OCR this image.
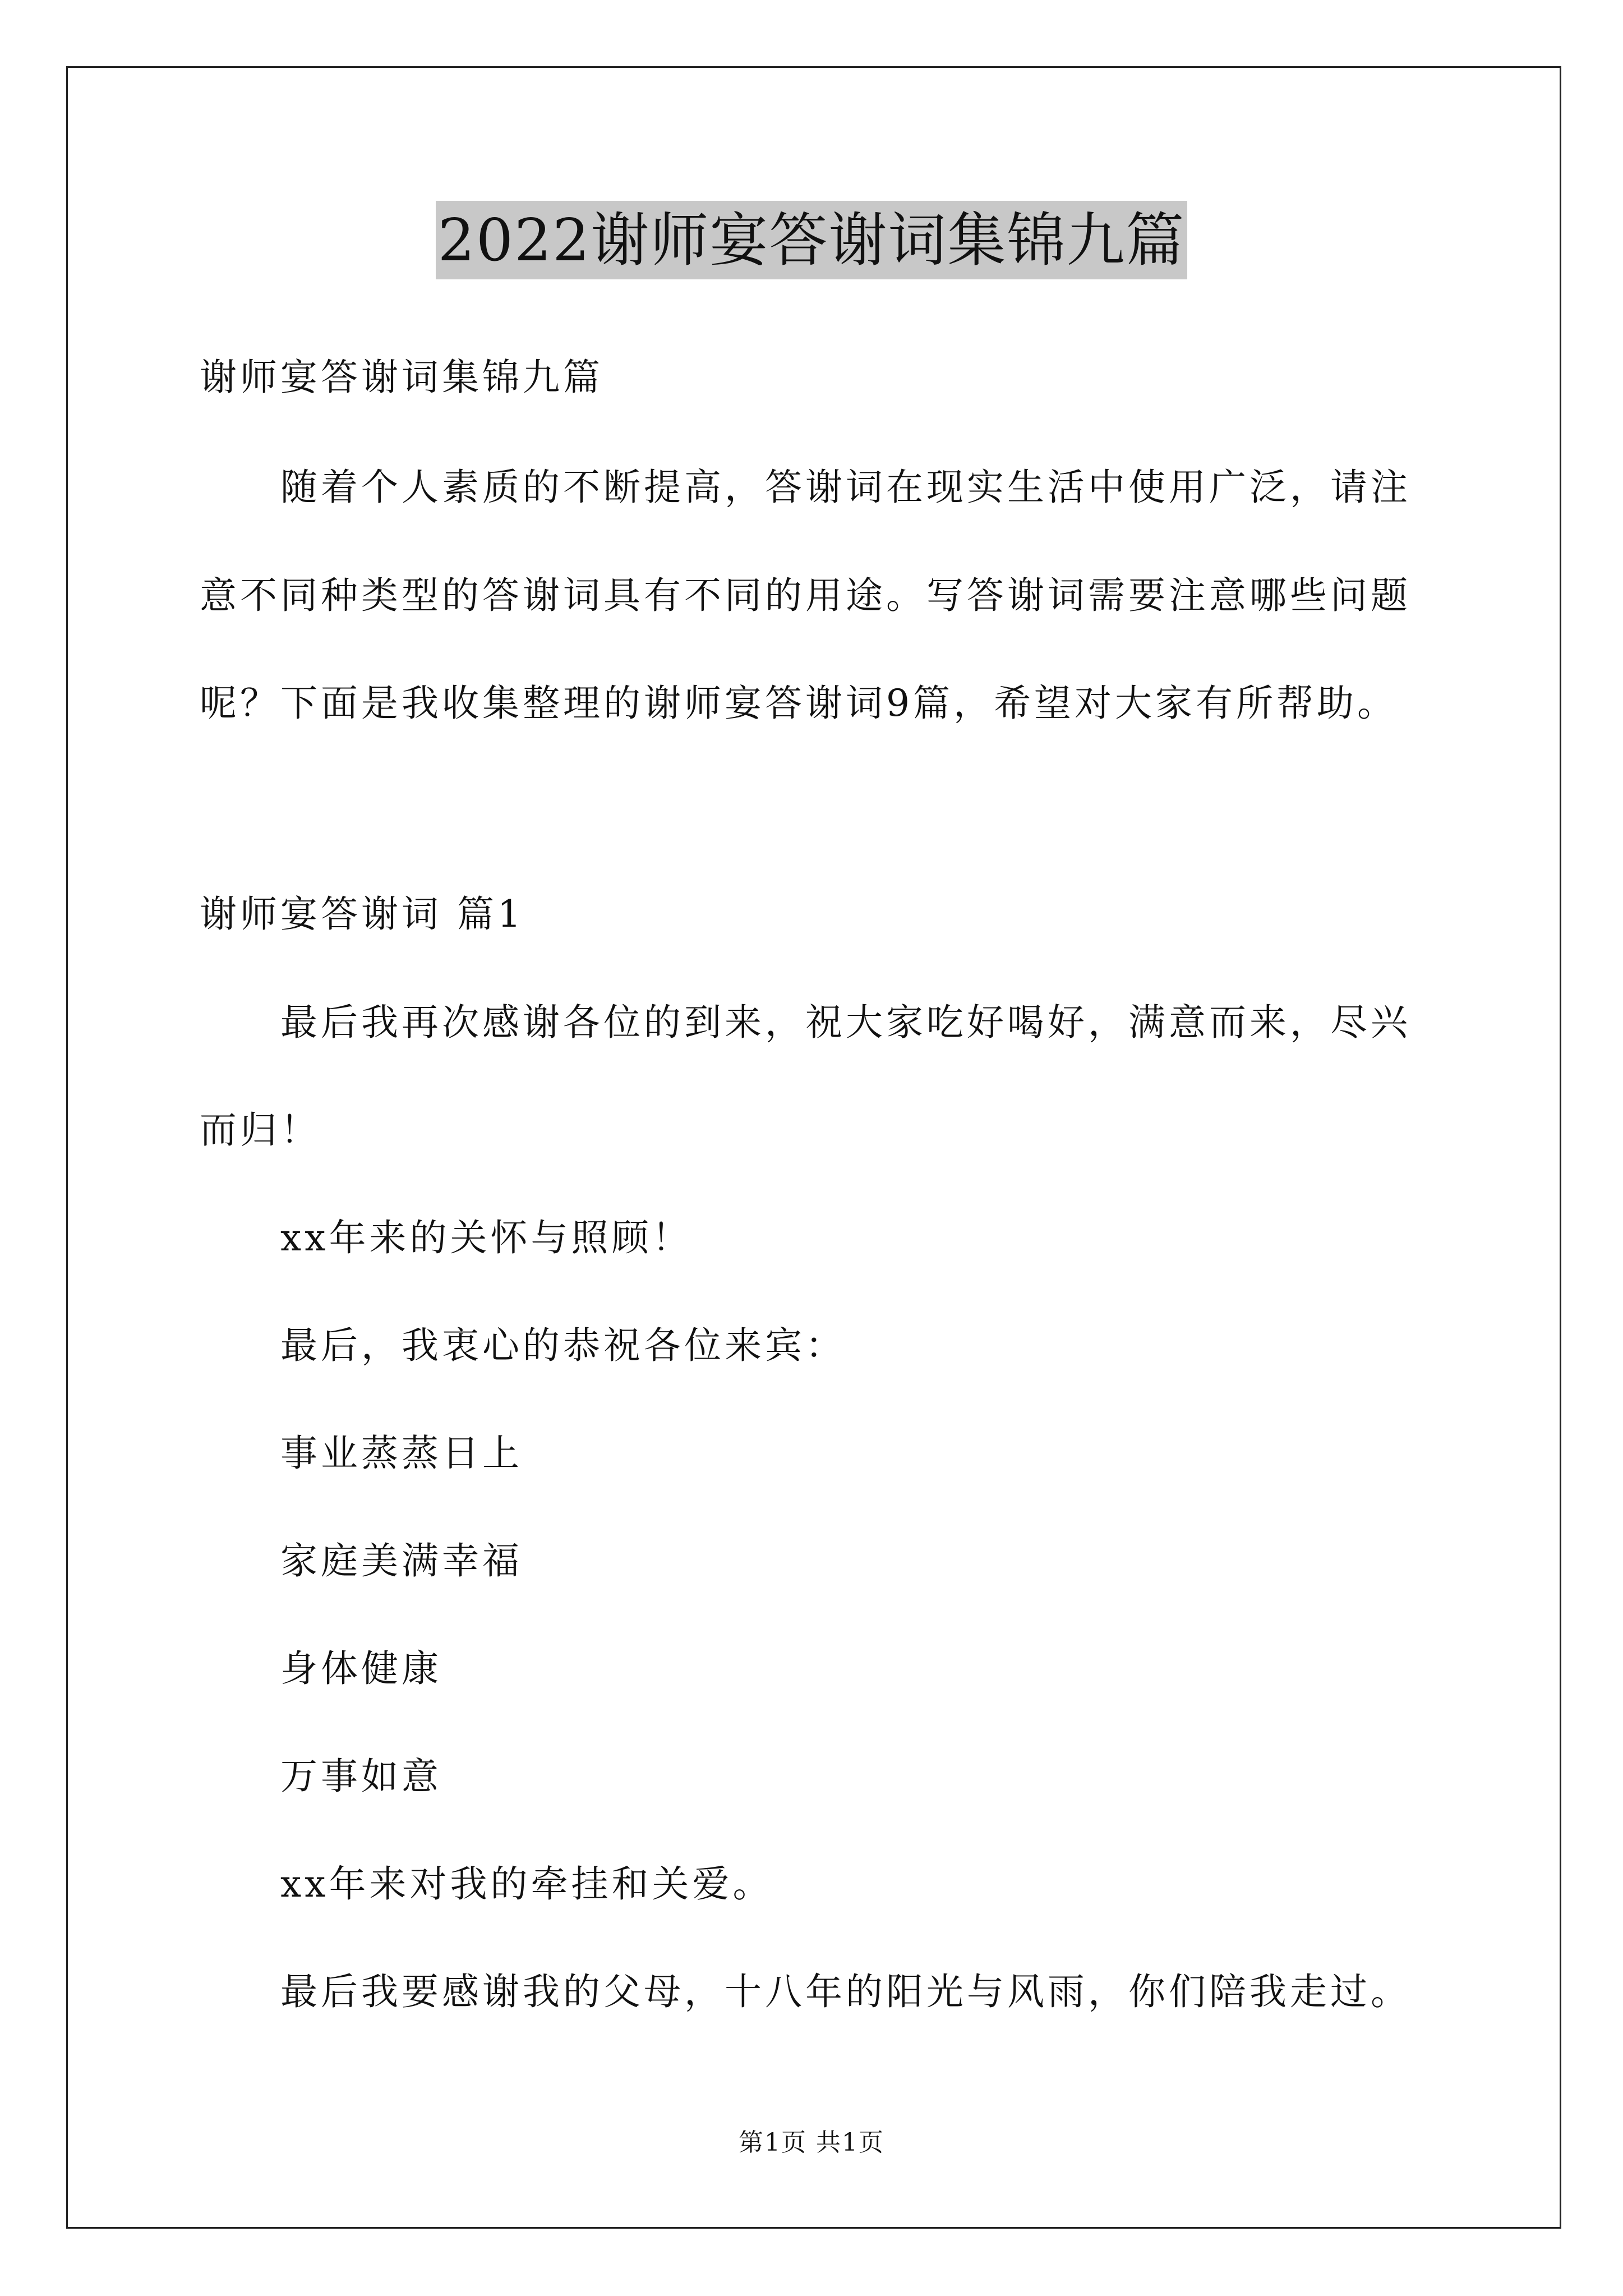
2022谢师宴答谢词集锦九篇
谢师宴答谢词集锦九篇
随着个人素质的不断提高，答谢词在现实生活中使用广泛，请注
意不同种类型的答谢词具有不同的用途。写答谢词需要注意哪些问题
呢？下面是我收集整理的谢师宴答谢词9篇，希望对大家有所帮助。
谢师宴答谢词 篇1
最后我再次感谢各位的到来，祝大家吃好喝好，满意而来，尽兴
而归！
xx年来的关怀与照顾！
最后，我衷心的恭祝各位来宾：
事业蒸蒸日上
家庭美满幸福
身体健康
万事如意
xx年来对我的牵挂和关爱。
最后我要感谢我的父母，十八年的阳光与风雨，你们陪我走过。
第1页 共1页
